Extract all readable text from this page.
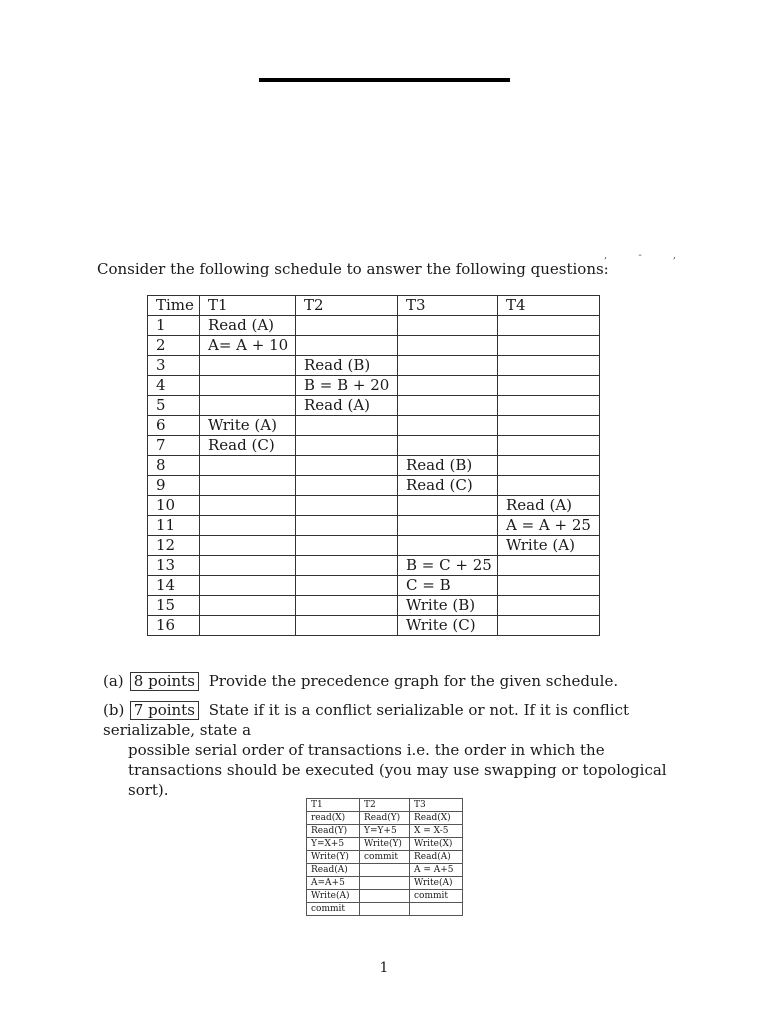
, - ,
Consider the following schedule to answer the following questions:
Time	T1	T2	T3	T4
1	Read (A)			
2	A= A + 10			
3		Read (B)		
4		B = B + 20		
5		Read (A)		
6	Write (A)			
7	Read (C)			
8			Read (B)	
9			Read (C)	
10				Read (A)
11				A = A + 25
12				Write (A)
13			B = C + 25	
14			C = B	
15			Write (B)	
16			Write (C)	
(a) 8 points Provide the precedence graph for the given schedule.
(b) 7 points State if it is a conflict serializable or not. If it is conflict serializable, state a
possible serial order of transactions i.e. the order in which the transactions should be executed (you may use swapping or topological sort).
T1	T2	T3
read(X)	Read(Y)	Read(X)
Read(Y)	Y=Y+5	X = X-5
Y=X+5	Write(Y)	Write(X)
Write(Y)	commit	Read(A)
Read(A)		A = A+5
A=A+5		Write(A)
Write(A)		commit
commit		
1
